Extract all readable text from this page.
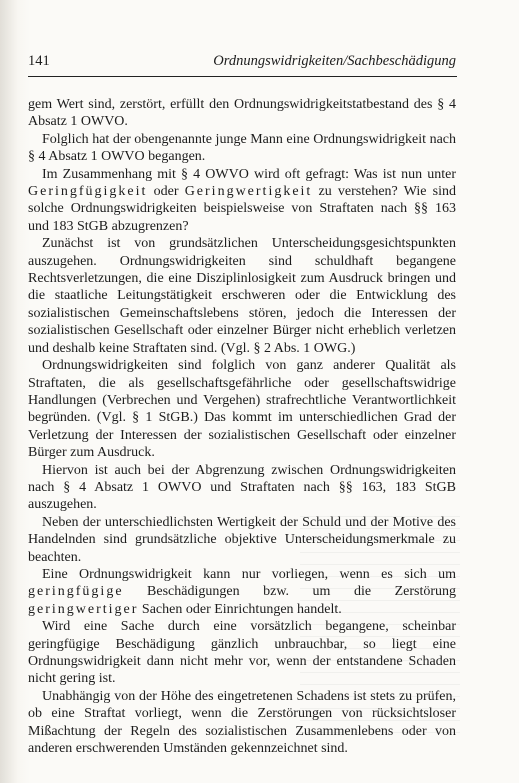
141	Ordnungswidrigkeiten/Sachbeschädigung

gem Wert sind, zerstört, erfüllt den Ordnungswidrigkeitstatbestand des § 4 Absatz 1 OWVO.

Folglich hat der obengenannte junge Mann eine Ordnungswidrigkeit nach § 4 Absatz 1 OWVO begangen.

Im Zusammenhang mit § 4 OWVO wird oft gefragt: Was ist nun unter Geringfügigkeit oder Geringwertigkeit zu verstehen? Wie sind solche Ordnungswidrigkeiten beispielsweise von Straftaten nach §§ 163 und 183 StGB abzugrenzen?

Zunächst ist von grundsätzlichen Unterscheidungsgesichtspunkten auszugehen. Ordnungswidrigkeiten sind schuldhaft begangene Rechtsverletzungen, die eine Disziplinlosigkeit zum Ausdruck bringen und die staatliche Leitungstätigkeit erschweren oder die Entwicklung des sozialistischen Gemeinschaftslebens stören, jedoch die Interessen der sozialistischen Gesellschaft oder einzelner Bürger nicht erheblich verletzen und deshalb keine Straftaten sind. (Vgl. § 2 Abs. 1 OWG.)

Ordnungswidrigkeiten sind folglich von ganz anderer Qualität als Straftaten, die als gesellschaftsgefährliche oder gesellschaftswidrige Handlungen (Verbrechen und Vergehen) strafrechtliche Verantwortlichkeit begründen. (Vgl. § 1 StGB.) Das kommt im unterschiedlichen Grad der Verletzung der Interessen der sozialistischen Gesellschaft oder einzelner Bürger zum Ausdruck.

Hiervon ist auch bei der Abgrenzung zwischen Ordnungswidrigkeiten nach § 4 Absatz 1 OWVO und Straftaten nach §§ 163, 183 StGB auszugehen.

Neben der unterschiedlichsten Wertigkeit der Schuld und der Motive des Handelnden sind grundsätzliche objektive Unterscheidungsmerkmale zu beachten.

Eine Ordnungswidrigkeit kann nur vorliegen, wenn es sich um geringfügige Beschädigungen bzw. um die Zerstörung geringwertiger Sachen oder Einrichtungen handelt.

Wird eine Sache durch eine vorsätzlich begangene, scheinbar geringfügige Beschädigung gänzlich unbrauchbar, so liegt eine Ordnungswidrigkeit dann nicht mehr vor, wenn der entstandene Schaden nicht gering ist.

Unabhängig von der Höhe des eingetretenen Schadens ist stets zu prüfen, ob eine Straftat vorliegt, wenn die Zerstörungen von rücksichtsloser Mißachtung der Regeln des sozialistischen Zusammenlebens oder von anderen erschwerenden Umständen gekennzeichnet sind.
